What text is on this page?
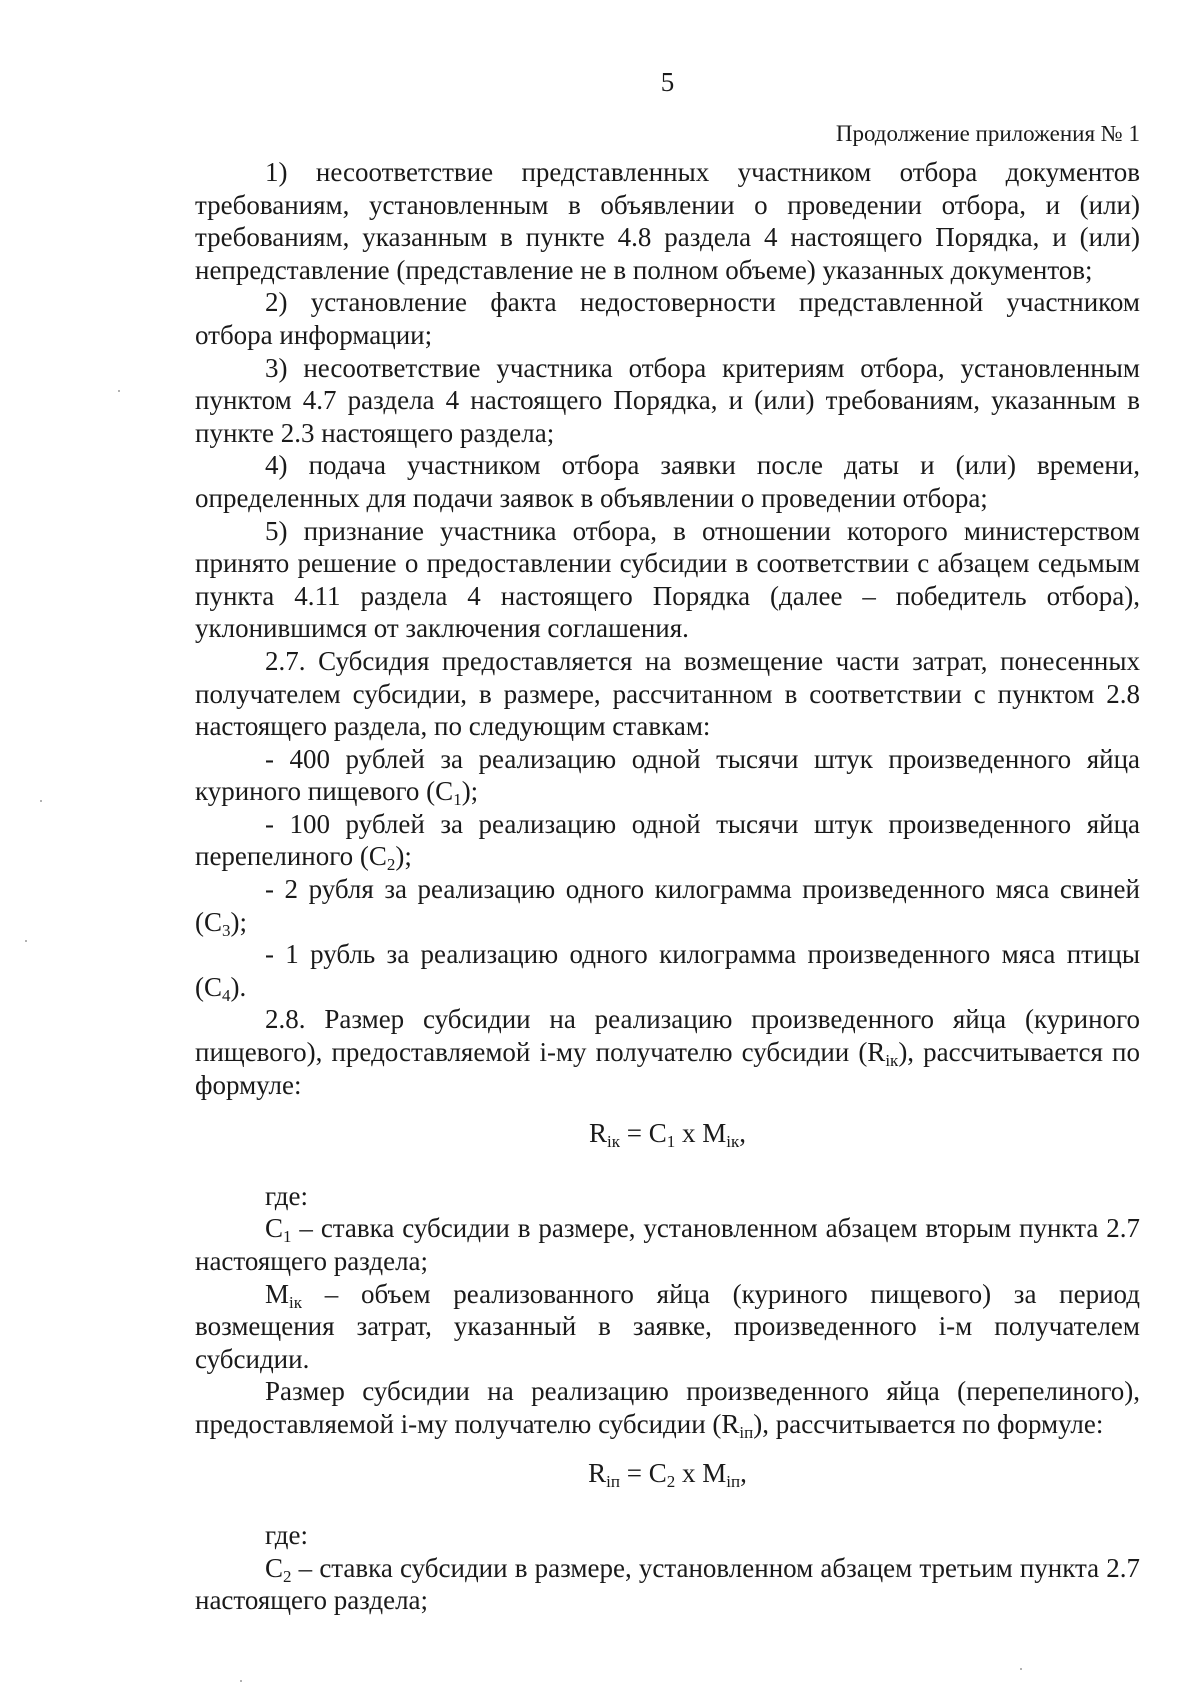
5
Продолжение приложения № 1

1) несоответствие представленных участником отбора документов требованиям, установленным в объявлении о проведении отбора, и (или) требованиям, указанным в пункте 4.8 раздела 4 настоящего Порядка, и (или) непредставление (представление не в полном объеме) указанных документов;

2) установление факта недостоверности представленной участником отбора информации;

3) несоответствие участника отбора критериям отбора, установленным пунктом 4.7 раздела 4 настоящего Порядка, и (или) требованиям, указанным в пункте 2.3 настоящего раздела;

4) подача участником отбора заявки после даты и (или) времени, определенных для подачи заявок в объявлении о проведении отбора;

5) признание участника отбора, в отношении которого министерством принято решение о предоставлении субсидии в соответствии с абзацем седьмым пункта 4.11 раздела 4 настоящего Порядка (далее – победитель отбора), уклонившимся от заключения соглашения.

2.7. Субсидия предоставляется на возмещение части затрат, понесенных получателем субсидии, в размере, рассчитанном в соответствии с пунктом 2.8 настоящего раздела, по следующим ставкам:

- 400 рублей за реализацию одной тысячи штук произведенного яйца куриного пищевого $(C_1)$;

- 100 рублей за реализацию одной тысячи штук произведенного яйца перепелиного $(C_2)$;

- 2 рубля за реализацию одного килограмма произведенного мяса свиней $(C_3)$;

- 1 рубль за реализацию одного килограмма произведенного мяса птицы $(C_4)$.

2.8. Размер субсидии на реализацию произведенного яйца (куриного пищевого), предоставляемой i-му получателю субсидии $(R_{iк})$, рассчитывается по формуле:

$R_{iк} = C_1$ x $M_{iк}$,

где:

$C_1$ – ставка субсидии в размере, установленном абзацем вторым пункта 2.7 настоящего раздела;

$M_{iк}$ – объем реализованного яйца (куриного пищевого) за период возмещения затрат, указанный в заявке, произведенного i-м получателем субсидии.

Размер субсидии на реализацию произведенного яйца (перепелиного), предоставляемой i-му получателю субсидии $(R_{iп})$, рассчитывается по формуле:

$R_{iп} = C_2$ x $M_{iп}$,

где:

$C_2$ – ставка субсидии в размере, установленном абзацем третьим пункта 2.7 настоящего раздела;
